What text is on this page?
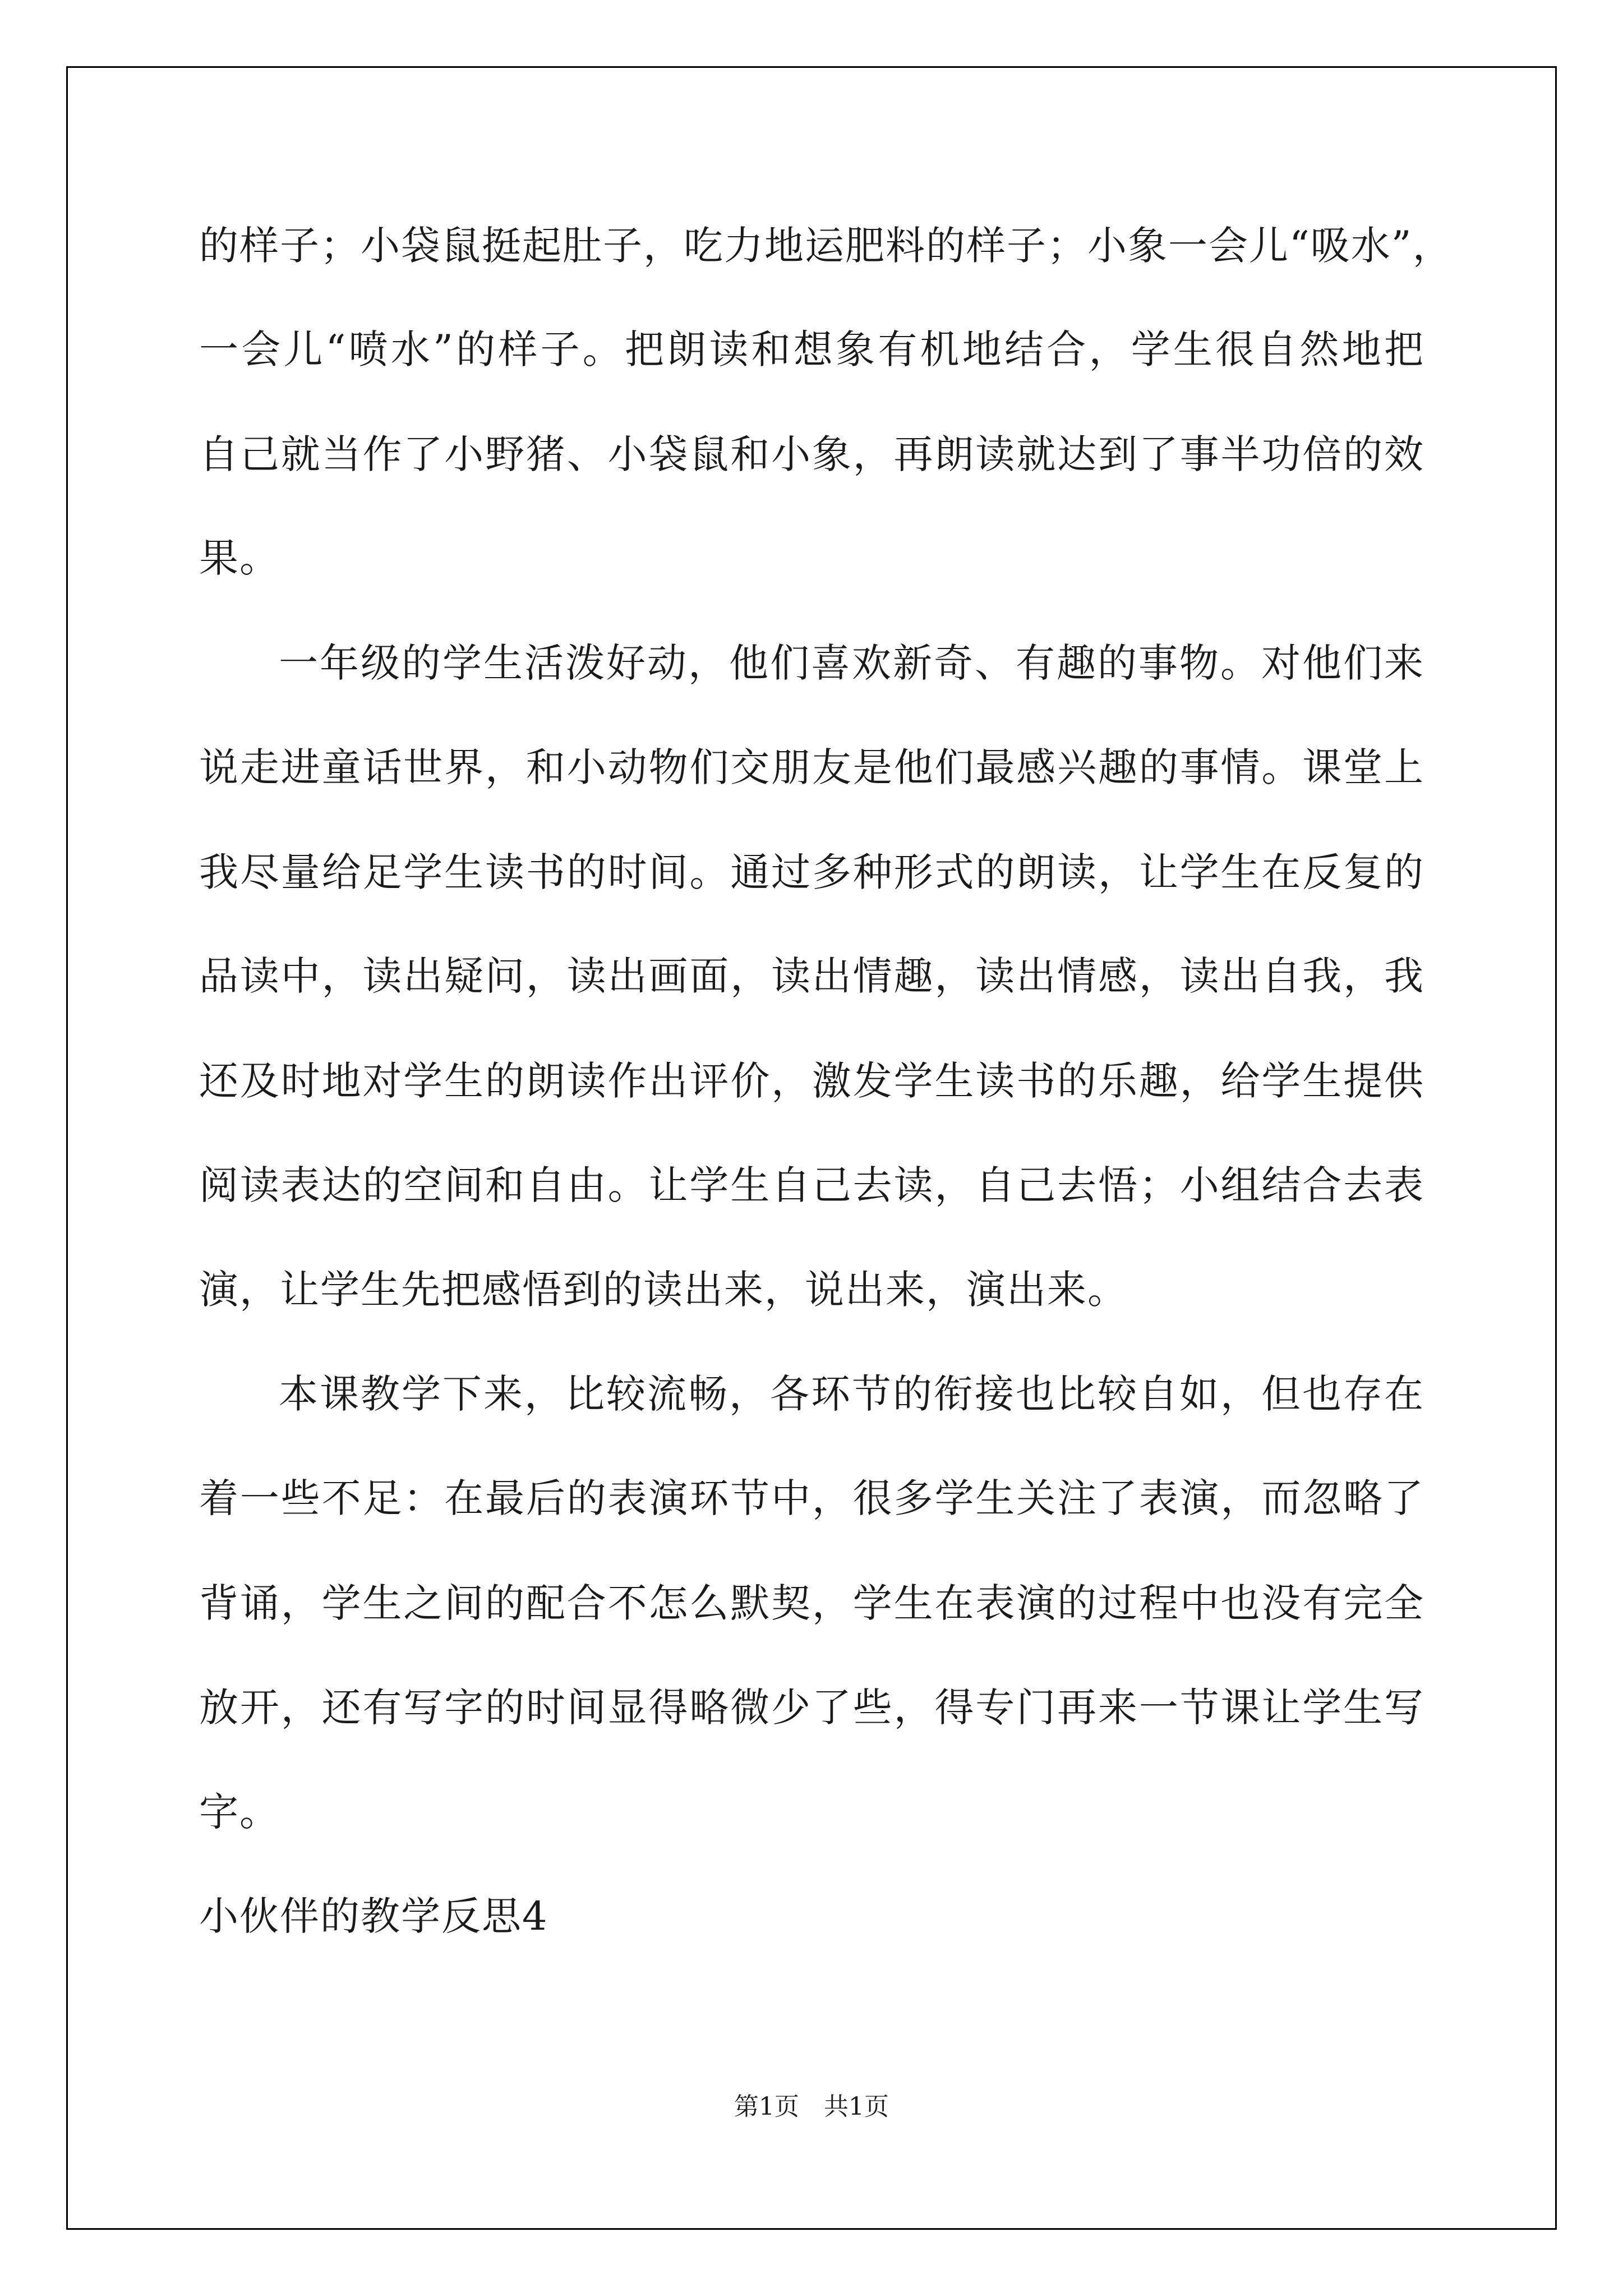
的样子；小袋鼠挺起肚子，吃力地运肥料的样子；小象一会儿“吸水”，
一会儿“喷水”的样子。把朗读和想象有机地结合，学生很自然地把
自己就当作了小野猪、小袋鼠和小象，再朗读就达到了事半功倍的效
果。
一年级的学生活泼好动，他们喜欢新奇、有趣的事物。对他们来
说走进童话世界，和小动物们交朋友是他们最感兴趣的事情。课堂上
我尽量给足学生读书的时间。通过多种形式的朗读，让学生在反复的
品读中，读出疑问，读出画面，读出情趣，读出情感，读出自我，我
还及时地对学生的朗读作出评价，激发学生读书的乐趣，给学生提供
阅读表达的空间和自由。让学生自己去读，自己去悟；小组结合去表
演，让学生先把感悟到的读出来，说出来，演出来。
本课教学下来，比较流畅，各环节的衔接也比较自如，但也存在
着一些不足：在最后的表演环节中，很多学生关注了表演，而忽略了
背诵，学生之间的配合不怎么默契，学生在表演的过程中也没有完全
放开，还有写字的时间显得略微少了些，得专门再来一节课让学生写
字。
小伙伴的教学反思4
第1页　共1页
